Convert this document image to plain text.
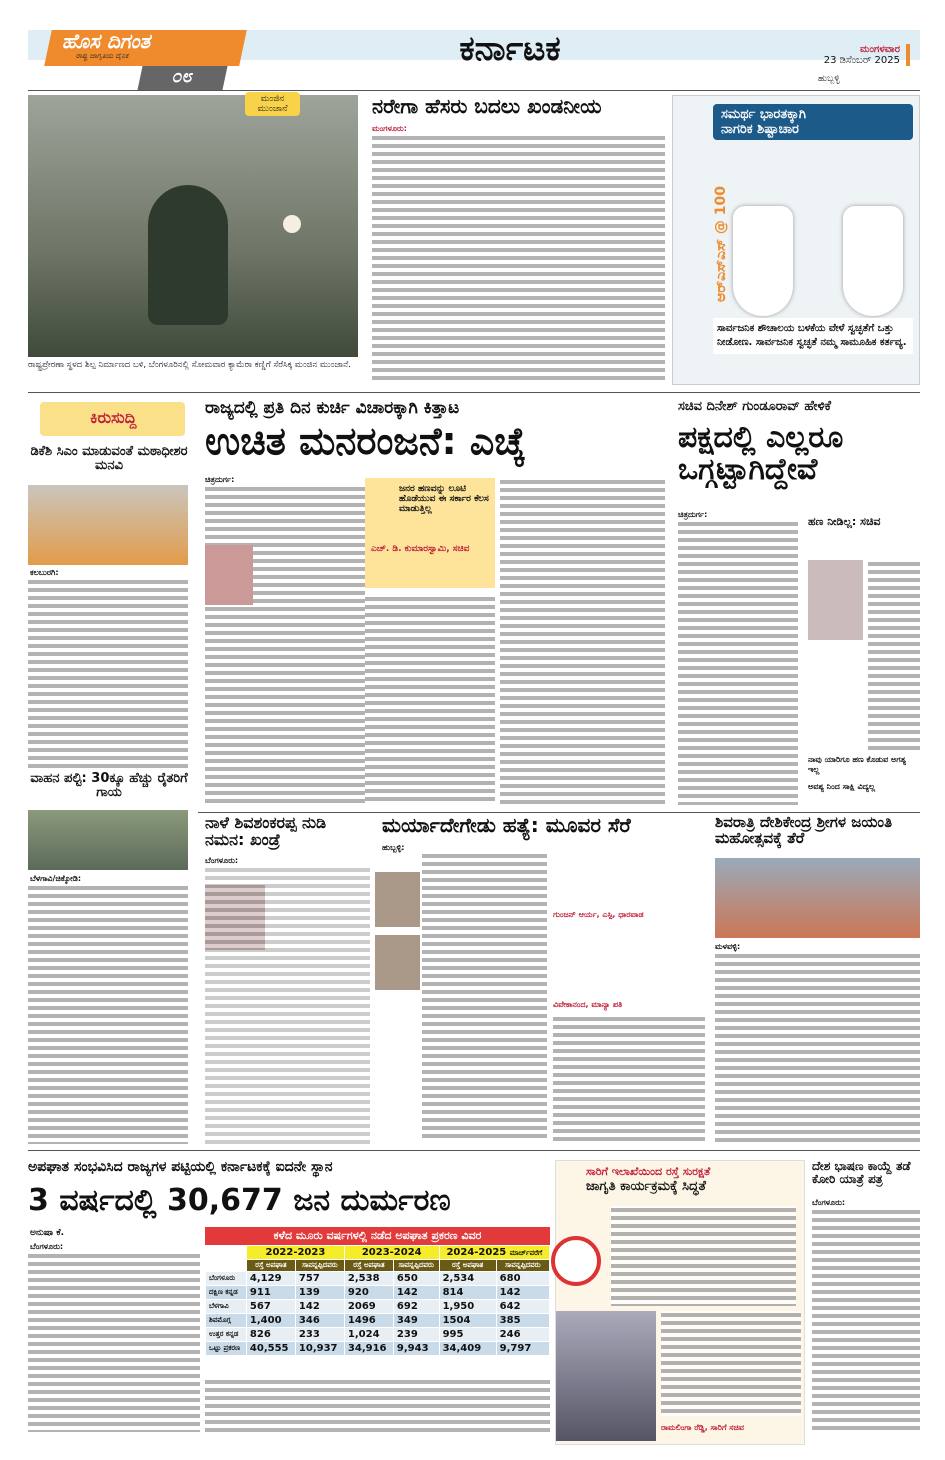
ಹೊಸ ದಿಗಂತ
ರಾಷ್ಟ್ರ ಜಾಗೃತಿಯ ದೈನಿಕ
೦೮
ಕರ್ನಾಟಕ	ಮಂಗಳವಾರ
23 ಡಿಸೆಂಬರ್ 2025
ಹುಬ್ಬಳ್ಳಿ
ಮಂಜಿನ ಮುಂಜಾನೆ
ರಾಷ್ಟ್ರಪ್ರೇರಣಾ ಸ್ಥಳದ ಶಿಲ್ಪ ನಿರ್ಮಾಣದ ಬಳಿ, ಬೆಂಗಳೂರಿನಲ್ಲಿ ಸೋಮವಾರ ಕ್ಯಾಮೆರಾ ಕಣ್ಣಿಗೆ ಸೆರೆಸಿಕ್ಕ ಮಂಜಿನ ಮುಂಜಾನೆ.
ನರೇಗಾ ಹೆಸರು ಬದಲು ಖಂಡನೀಯ
ಮಂಗಳೂರು:
ಸಮರ್ಥ ಭಾರತಕ್ಕಾಗಿ
ನಾಗರಿಕ ಶಿಷ್ಟಾಚಾರ
ಆರ್‌ಎಸ್‌ಎಸ್ @ 100
ಸಾರ್ವಜನಿಕ ಶೌಚಾಲಯ ಬಳಕೆಯ ವೇಳೆ ಸ್ವಚ್ಛತೆಗೆ ಒತ್ತು ನೀಡೋಣ. ಸಾರ್ವಜನಿಕ ಸ್ವಚ್ಛತೆ ನಮ್ಮ ಸಾಮೂಹಿಕ ಕರ್ತವ್ಯ.
ಕಿರುಸುದ್ದಿ
ಡಿಕೆಶಿ ಸಿಎಂ ಮಾಡುವಂತೆ ಮಠಾಧೀಶರ ಮನವಿ
ಕಲಬುರಗಿ:
ವಾಹನ ಪಲ್ಟಿ: 30ಕ್ಕೂ ಹೆಚ್ಚು ರೈತರಿಗೆ ಗಾಯ
ಬೆಳಗಾವಿ/ಚಿಕ್ಕೋಡಿ:
ರಾಜ್ಯದಲ್ಲಿ ಪ್ರತಿ ದಿನ ಕುರ್ಚಿ ವಿಚಾರಕ್ಕಾಗಿ ಕಿತ್ತಾಟ
ಉಚಿತ ಮನರಂಜನೆ: ಎಚ್ಕೆ
ಚಿತ್ರದುರ್ಗ:
ಜನರ ಹಣವನ್ನು ಲೂಟಿ ಹೊಡೆಯುವ ಈ ಸರ್ಕಾರ ಕೆಲಸ ಮಾಡುತ್ತಿಲ್ಲ
ಎಚ್. ಡಿ. ಕುಮಾರಸ್ವಾಮಿ, ಸಚಿವ
ಸಚಿವ ದಿನೇಶ್ ಗುಂಡೂರಾವ್ ಹೇಳಿಕೆ
ಪಕ್ಷದಲ್ಲಿ ಎಲ್ಲರೂ ಒಗ್ಗಟ್ಟಾಗಿದ್ದೇವೆ
ಚಿತ್ರದುರ್ಗ:
ಹಣ ನೀಡಿಲ್ಲ: ಸಚಿವ
ನಾವು ಯಾರಿಗೂ ಹಣ ಕೊಡುವ ಅಗತ್ಯ ಇಲ್ಲ
ಅವಶ್ಯ ನಿಂದ ಸಾಕ್ಷಿ ವಿದ್ಯಲ್ಲ
ನಾಳೆ ಶಿವಶಂಕರಪ್ಪ ನುಡಿ ನಮನ: ಖಂಡ್ರೆ
ಬೆಂಗಳೂರು:
ಮರ್ಯಾದೇಗೇಡು ಹತ್ಯೆ: ಮೂವರ ಸೆರೆ
ಹುಬ್ಬಳ್ಳಿ:
ಗುಂಜನ್ ಆರ್ಯ, ಎಸ್ಪಿ, ಧಾರವಾಡ
ವಿವೇಕಾನಂದ, ಮಾನ್ಯಾ ಪತಿ
ಶಿವರಾತ್ರಿ ದೇಶಿಕೇಂದ್ರ ಶ್ರೀಗಳ ಜಯಂತಿ ಮಹೋತ್ಸವಕ್ಕೆ ತೆರೆ
ಮಳವಳ್ಳಿ:
ಅಪಘಾತ ಸಂಭವಿಸಿದ ರಾಜ್ಯಗಳ ಪಟ್ಟಿಯಲ್ಲಿ ಕರ್ನಾಟಕಕ್ಕೆ ಐದನೇ ಸ್ಥಾನ
3 ವರ್ಷದಲ್ಲಿ 30,677 ಜನ ದುರ್ಮರಣ
ಅನುಷಾ ಕೆ.
ಬೆಂಗಳೂರು:
ಕಳೆದ ಮೂರು ವರ್ಷಗಳಲ್ಲಿ ನಡೆದ ಅಪಘಾತ ಪ್ರಕರಣ ವಿವರ
	2022-2023		2023-2024		2024-2025 ಮಾರ್ಚ್‌ವರೆಗೆ	
	ರಸ್ತೆ ಅಪಘಾತ	ಸಾವನ್ನಪ್ಪಿದವರು	ರಸ್ತೆ ಅಪಘಾತ	ಸಾವನ್ನಪ್ಪಿದವರು	ರಸ್ತೆ ಅಪಘಾತ	ಸಾವನ್ನಪ್ಪಿದವರು
ಬೆಂಗಳೂರು	4,129	757	2,538	650	2,534	680
ದಕ್ಷಿಣ ಕನ್ನಡ	911	139	920	142	814	142
ಬೆಳಗಾವಿ	567	142	2069	692	1,950	642
ಶಿವಮೊಗ್ಗ	1,400	346	1496	349	1504	385
ಉತ್ತರ ಕನ್ನಡ	826	233	1,024	239	995	246
ಒಟ್ಟು ಪ್ರಕರಣ	40,555	10,937	34,916	9,943	34,409	9,797
ಸಾರಿಗೆ ಇಲಾಖೆಯಿಂದ ರಸ್ತೆ ಸುರಕ್ಷತೆ
ಜಾಗೃತಿ ಕಾರ್ಯಕ್ರಮಕ್ಕೆ ಸಿದ್ಧತೆ
ರಾಮಲಿಂಗಾ ರೆಡ್ಡಿ, ಸಾರಿಗೆ ಸಚಿವ
ದೇಶ ಭಾಷಣ ಕಾಯ್ದೆ ತಡೆ ಕೋರಿ ಯಾತ್ರೆ ಪತ್ರ
ಬೆಂಗಳೂರು:
